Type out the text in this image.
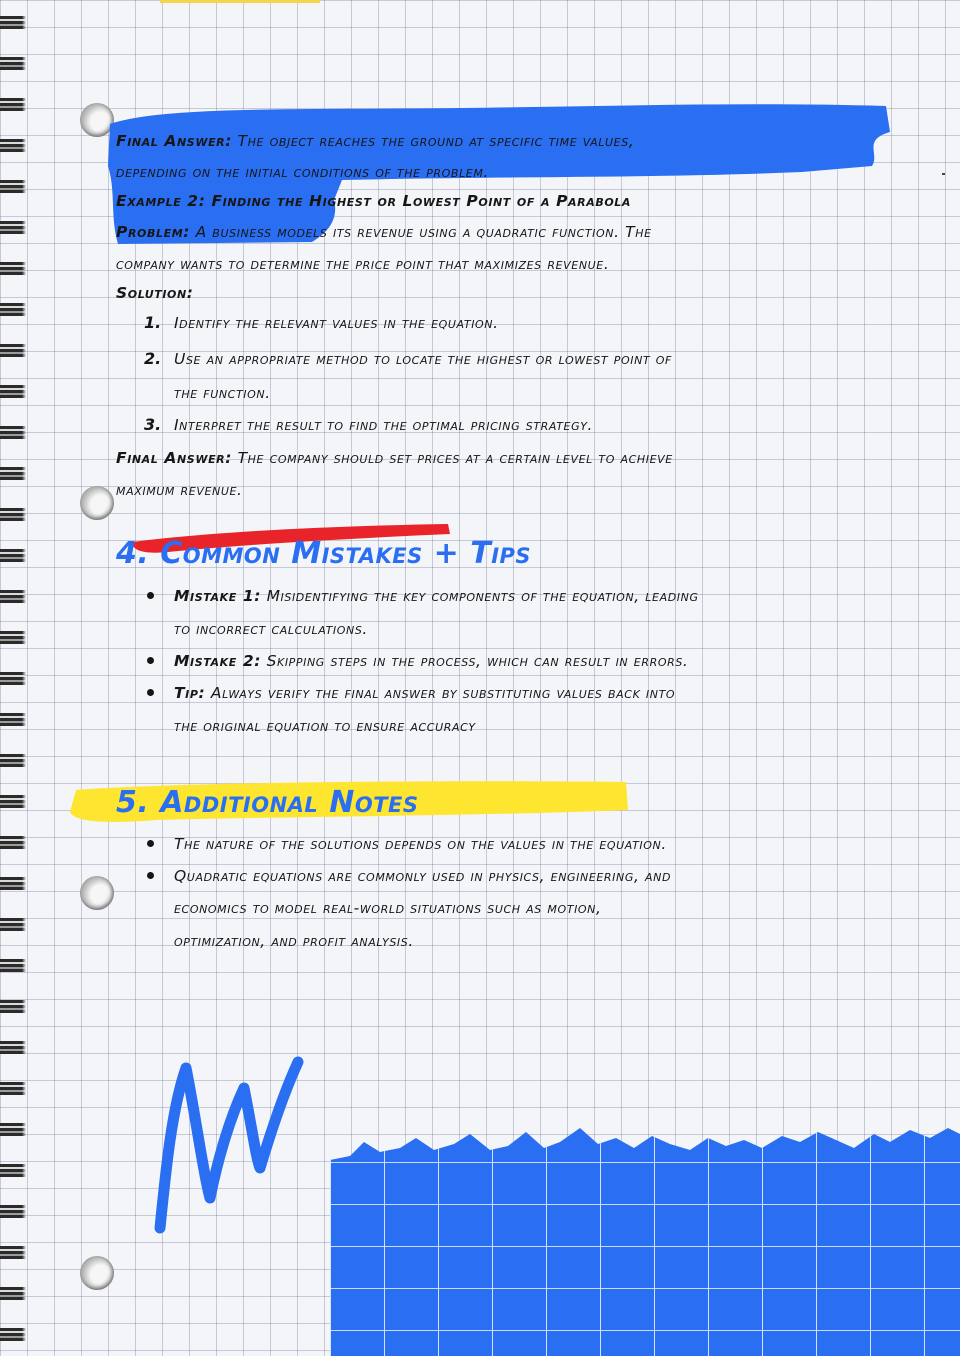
Final Answer: The object reaches the ground at specific time values,
depending on the initial conditions of the problem.
Example 2: Finding the Highest or Lowest Point of a Parabola
Problem: A business models its revenue using a quadratic function. The
company wants to determine the price point that maximizes revenue.
Solution:
1. Identify the relevant values in the equation.
2. Use an appropriate method to locate the highest or lowest point of
the function.
3. Interpret the result to find the optimal pricing strategy.
Final Answer: The company should set prices at a certain level to achieve
maximum revenue.
4. Common Mistakes + Tips
Mistake 1: Misidentifying the key components of the equation, leading
to incorrect calculations.
Mistake 2: Skipping steps in the process, which can result in errors.
Tip: Always verify the final answer by substituting values back into
the original equation to ensure accuracy
5. Additional Notes
The nature of the solutions depends on the values in the equation.
Quadratic equations are commonly used in physics, engineering, and
economics to model real-world situations such as motion,
optimization, and profit analysis.
